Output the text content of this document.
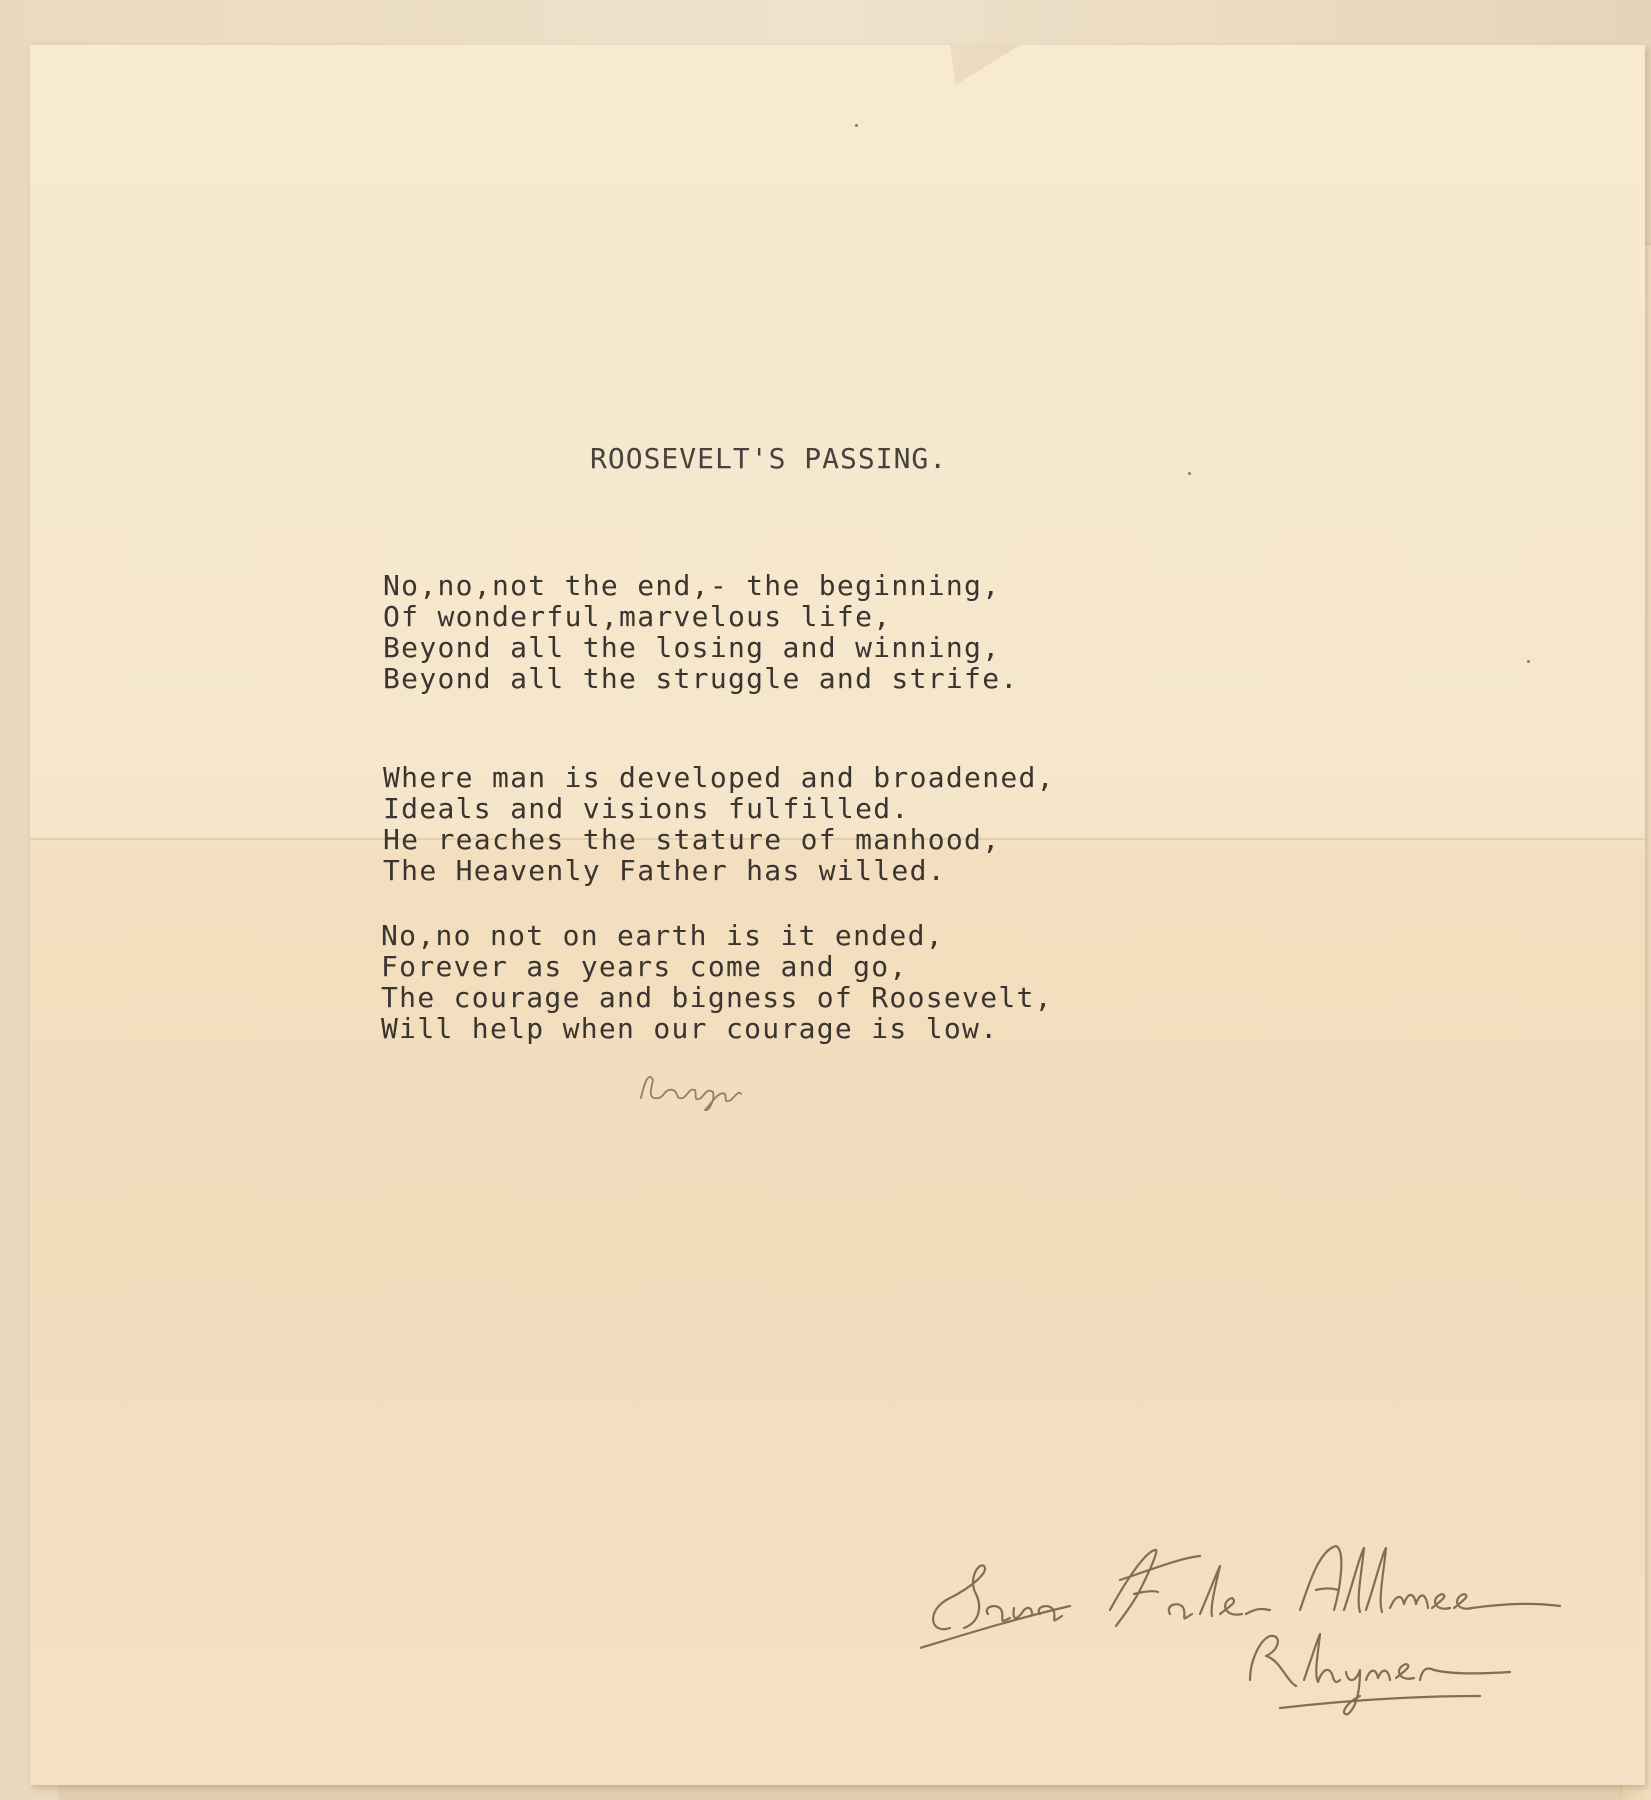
ROOSEVELT'S PASSING.
No,no,not the end,- the beginning,
Of wonderful,marvelous life,
Beyond all the losing and winning,
Beyond all the struggle and strife.
Where man is developed and broadened,
Ideals and visions fulfilled.
He reaches the stature of manhood,
The Heavenly Father has willed.
No,no not on earth is it ended,
Forever as years come and go,
The courage and bigness of Roosevelt,
Will help when our courage is low.
